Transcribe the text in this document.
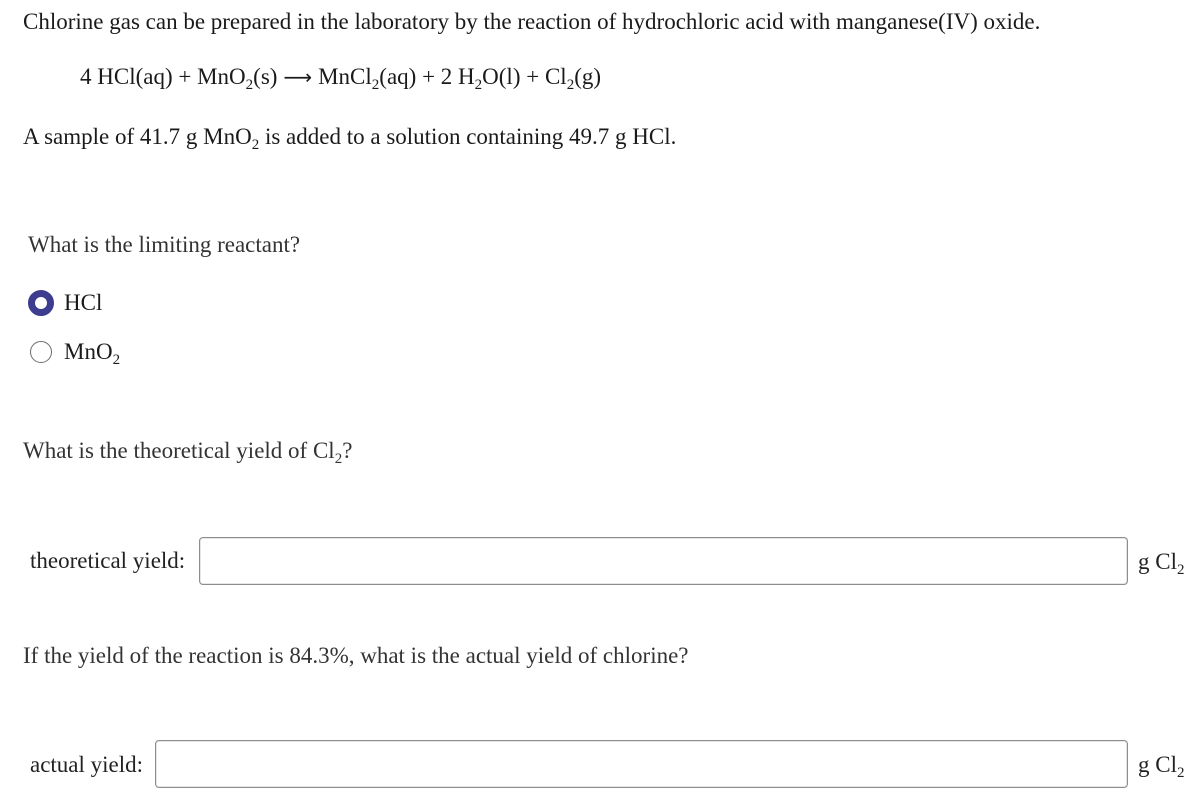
Chlorine gas can be prepared in the laboratory by the reaction of hydrochloric acid with manganese(IV) oxide.
4 HCl(aq) + MnO$_2$(s) ⟶ MnCl$_2$(aq) + 2 $H_2O(l) + Cl_2(g)$
A sample of 41.7 g MnO$_2$ is added to a solution containing 49.7 g HCl.
What is the limiting reactant?
HCl
MnO$_2$
What is the theoretical yield of $Cl_2$?
theoretical yield:	g $Cl_2$
If the yield of the reaction is 84.3%, what is the actual yield of chlorine?
actual yield:	g $Cl_2$
